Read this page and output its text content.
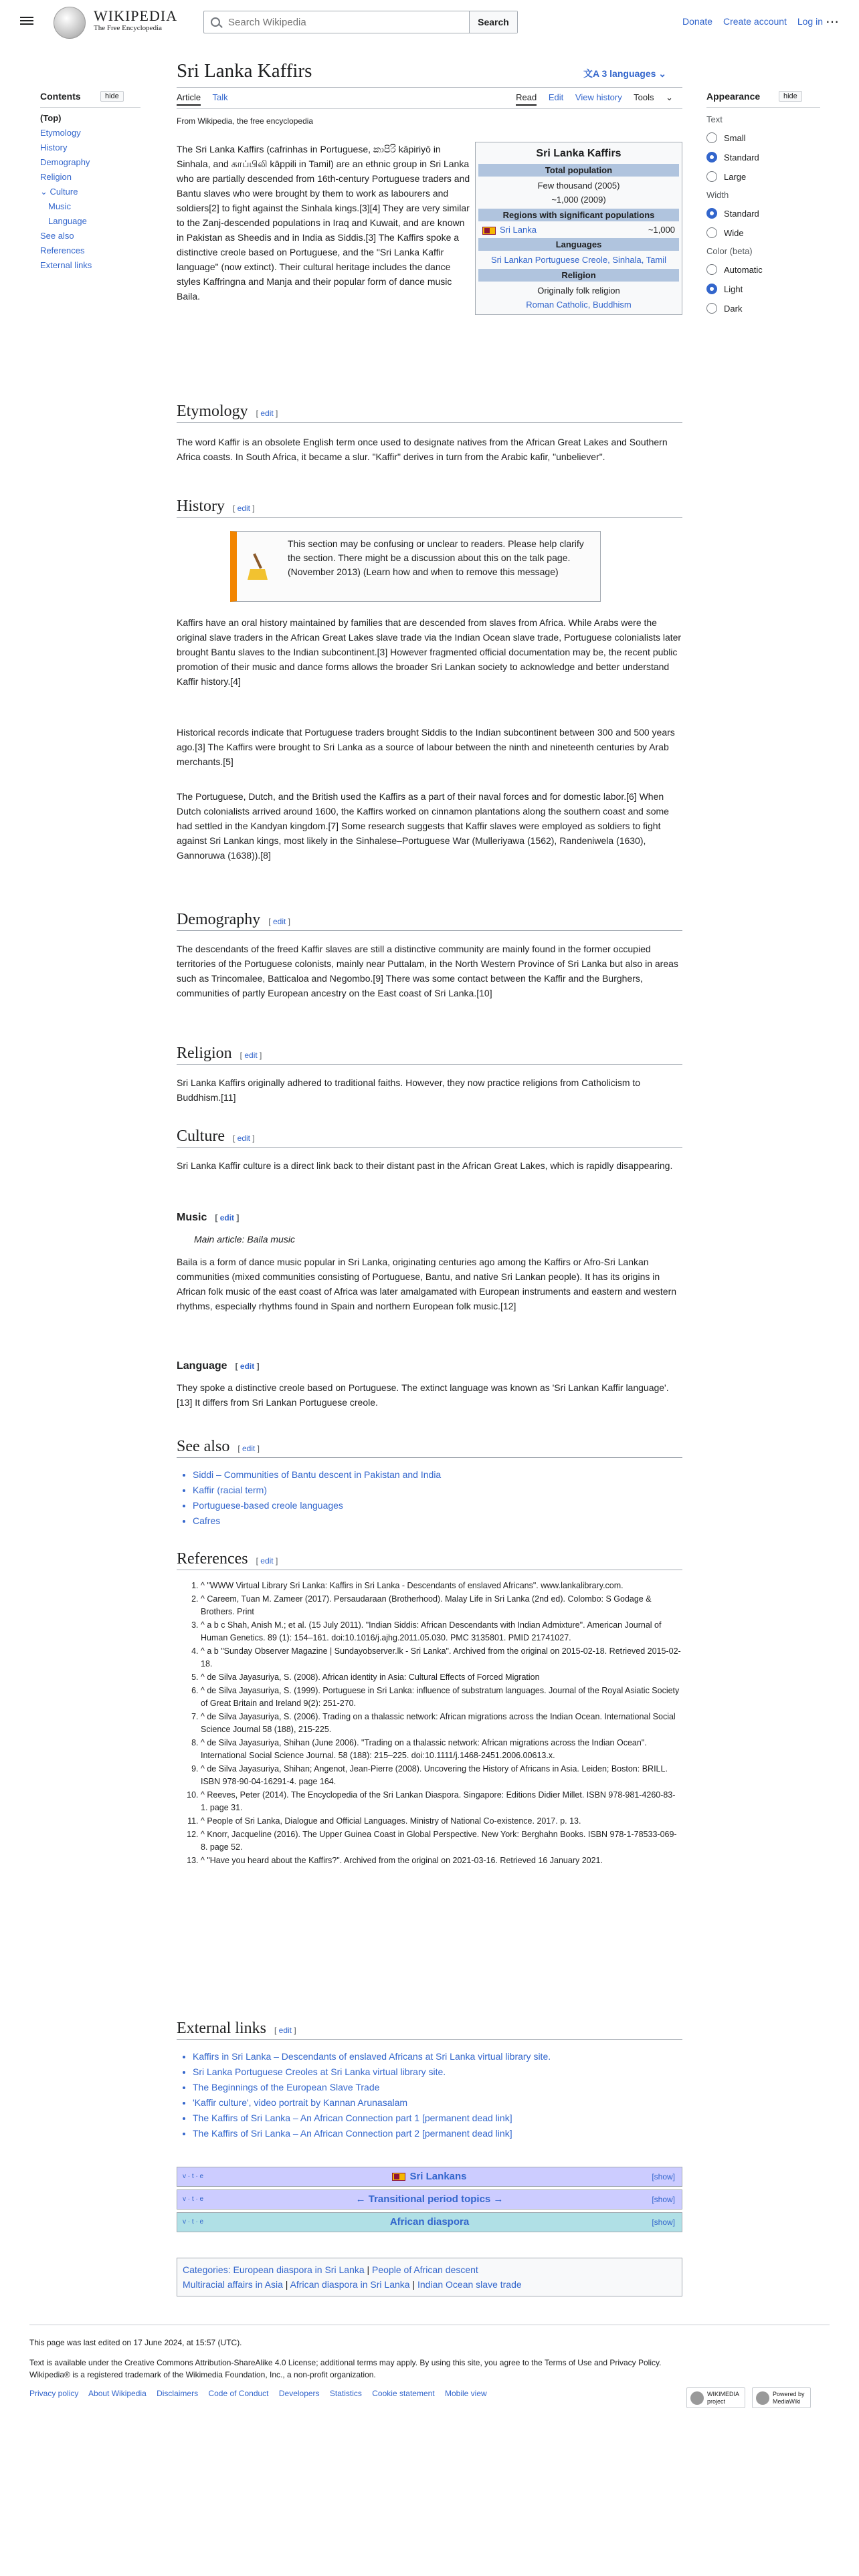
WIKIPEDIA
The Free Encyclopedia
Search Wikipedia
Search	Donate Create account Log in ⋯
Contents	hide
(Top)
Etymology
History
Demography
Religion
⌄ Culture
Music
Language
See also
References
External links
Appearance	hide
Text
Small
Standard
Large
Width
Standard
Wide
Color (beta)
Automatic
Light
Dark
Sri Lanka Kaffirs	文A 3 languages ⌄
Article Talk	Read Edit View history Tools ⌄
From Wikipedia, the free encyclopedia
Sri Lanka Kaffirs
Total population
Few thousand (2005)
~1,000 (2009)
Regions with significant populations
Sri Lanka	~1,000
Languages
Sri Lankan Portuguese Creole, Sinhala, Tamil
Religion
Originally folk religion
Roman Catholic, Buddhism
The Sri Lanka Kaffirs (cafrinhas in Portuguese, කාපිරි kāpiriyō in Sinhala, and காப்பிலி kāppili in Tamil) are an ethnic group in Sri Lanka who are partially descended from 16th-century Portuguese traders and Bantu slaves who were brought by them to work as labourers and soldiers[2] to fight against the Sinhala kings.[3][4] They are very similar to the Zanj-descended populations in Iraq and Kuwait, and are known in Pakistan as Sheedis and in India as Siddis.[3] The Kaffirs spoke a distinctive creole based on Portuguese, and the "Sri Lanka Kaffir language" (now extinct). Their cultural heritage includes the dance styles Kaffringna and Manja and their popular form of dance music Baila.
Etymology [ edit ]
The word Kaffir is an obsolete English term once used to designate natives from the African Great Lakes and Southern Africa coasts. In South Africa, it became a slur. "Kaffir" derives in turn from the Arabic kafir, "unbeliever".
History [ edit ]
This section may be confusing or unclear to readers. Please help clarify the section. There might be a discussion about this on the talk page. (November 2013) (Learn how and when to remove this message)
Kaffirs have an oral history maintained by families that are descended from slaves from Africa. While Arabs were the original slave traders in the African Great Lakes slave trade via the Indian Ocean slave trade, Portuguese colonialists later brought Bantu slaves to the Indian subcontinent.[3] However fragmented official documentation may be, the recent public promotion of their music and dance forms allows the broader Sri Lankan society to acknowledge and better understand Kaffir history.[4]
Historical records indicate that Portuguese traders brought Siddis to the Indian subcontinent between 300 and 500 years ago.[3] The Kaffirs were brought to Sri Lanka as a source of labour between the ninth and nineteenth centuries by Arab merchants.[5]
The Portuguese, Dutch, and the British used the Kaffirs as a part of their naval forces and for domestic labor.[6] When Dutch colonialists arrived around 1600, the Kaffirs worked on cinnamon plantations along the southern coast and some had settled in the Kandyan kingdom.[7] Some research suggests that Kaffir slaves were employed as soldiers to fight against Sri Lankan kings, most likely in the Sinhalese–Portuguese War (Mulleriyawa (1562), Randeniwela (1630), Gannoruwa (1638)).[8]
Demography [ edit ]
The descendants of the freed Kaffir slaves are still a distinctive community are mainly found in the former occupied territories of the Portuguese colonists, mainly near Puttalam, in the North Western Province of Sri Lanka but also in areas such as Trincomalee, Batticaloa and Negombo.[9] There was some contact between the Kaffir and the Burghers, communities of partly European ancestry on the East coast of Sri Lanka.[10]
Religion [ edit ]
Sri Lanka Kaffirs originally adhered to traditional faiths. However, they now practice religions from Catholicism to Buddhism.[11]
Culture [ edit ]
Sri Lanka Kaffir culture is a direct link back to their distant past in the African Great Lakes, which is rapidly disappearing.
Music [ edit ]
Main article: Baila music
Baila is a form of dance music popular in Sri Lanka, originating centuries ago among the Kaffirs or Afro-Sri Lankan communities (mixed communities consisting of Portuguese, Bantu, and native Sri Lankan people). It has its origins in African folk music of the east coast of Africa was later amalgamated with European instruments and eastern and western rhythms, especially rhythms found in Spain and northern European folk music.[12]
Language [ edit ]
They spoke a distinctive creole based on Portuguese. The extinct language was known as 'Sri Lankan Kaffir language'.[13] It differs from Sri Lankan Portuguese creole.
See also [ edit ]
• Siddi – Communities of Bantu descent in Pakistan and India
• Kaffir (racial term)
• Portuguese-based creole languages
• Cafres
References [ edit ]
1. ^ "WWW Virtual Library Sri Lanka: Kaffirs in Sri Lanka - Descendants of enslaved Africans". www.lankalibrary.com.
2. ^ Careem, Tuan M. Zameer (2017). Persaudaraan (Brotherhood). Malay Life in Sri Lanka (2nd ed). Colombo: S Godage & Brothers. Print
3. ^ a b c Shah, Anish M.; et al. (15 July 2011). "Indian Siddis: African Descendants with Indian Admixture". American Journal of Human Genetics. 89 (1): 154–161. doi:10.1016/j.ajhg.2011.05.030. PMC 3135801. PMID 21741027.
4. ^ a b "Sunday Observer Magazine | Sundayobserver.lk - Sri Lanka". Archived from the original on 2015-02-18. Retrieved 2015-02-18.
5. ^ de Silva Jayasuriya, S. (2008). African identity in Asia: Cultural Effects of Forced Migration
6. ^ de Silva Jayasuriya, S. (1999). Portuguese in Sri Lanka: influence of substratum languages. Journal of the Royal Asiatic Society of Great Britain and Ireland 9(2): 251-270.
7. ^ de Silva Jayasuriya, S. (2006). Trading on a thalassic network: African migrations across the Indian Ocean. International Social Science Journal 58 (188), 215-225.
8. ^ de Silva Jayasuriya, Shihan (June 2006). "Trading on a thalassic network: African migrations across the Indian Ocean". International Social Science Journal. 58 (188): 215–225. doi:10.1111/j.1468-2451.2006.00613.x.
9. ^ de Silva Jayasuriya, Shihan; Angenot, Jean-Pierre (2008). Uncovering the History of Africans in Asia. Leiden; Boston: BRILL. ISBN 978-90-04-16291-4. page 164.
10. ^ Reeves, Peter (2014). The Encyclopedia of the Sri Lankan Diaspora. Singapore: Editions Didier Millet. ISBN 978-981-4260-83-1. page 31.
11. ^ People of Sri Lanka, Dialogue and Official Languages. Ministry of National Co-existence. 2017. p. 13.
12. ^ Knorr, Jacqueline (2016). The Upper Guinea Coast in Global Perspective. New York: Berghahn Books. ISBN 978-1-78533-069-8. page 52.
13. ^ "Have you heard about the Kaffirs?". Archived from the original on 2021-03-16. Retrieved 16 January 2021.
External links [ edit ]
• Kaffirs in Sri Lanka – Descendants of enslaved Africans at Sri Lanka virtual library site.
• Sri Lanka Portuguese Creoles at Sri Lanka virtual library site.
• The Beginnings of the European Slave Trade
• 'Kaffir culture', video portrait by Kannan Arunasalam
• The Kaffirs of Sri Lanka – An African Connection part 1 [permanent dead link]
• The Kaffirs of Sri Lanka – An African Connection part 2 [permanent dead link]
v · t · e	Sri Lankans	[show]
v · t · e	← Transitional period topics →	[show]
v · t · e	African diaspora	[show]
Categories: European diaspora in Sri Lanka | People of African descent
Multiracial affairs in Asia | African diaspora in Sri Lanka | Indian Ocean slave trade
This page was last edited on 17 June 2024, at 15:57 (UTC).
Text is available under the Creative Commons Attribution-ShareAlike 4.0 License; additional terms may apply. By using this site, you agree to the Terms of Use and Privacy Policy. Wikipedia® is a registered trademark of the Wikimedia Foundation, Inc., a non-profit organization.
Privacy policy About Wikipedia Disclaimers Code of Conduct Developers Statistics Cookie statement Mobile view	WIKIMEDIA project
Powered by MediaWiki
